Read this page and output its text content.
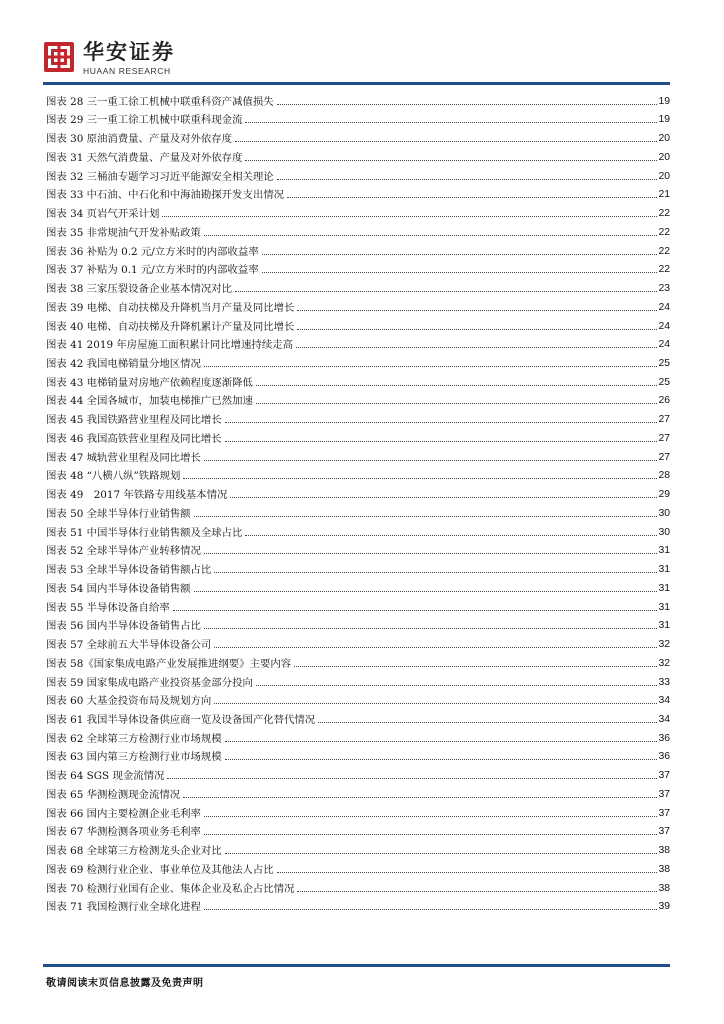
华安证券
HUAAN RESEARCH
图表 28 三一重工徐工机械中联重科资产减值损失	19
图表 29 三一重工徐工机械中联重科现金流	19
图表 30 原油消费量、产量及对外依存度	20
图表 31 天然气消费量、产量及对外依存度	20
图表 32 三桶油专题学习习近平能源安全相关理论	20
图表 33 中石油、中石化和中海油勘探开发支出情况	21
图表 34 页岩气开采计划	22
图表 35 非常规油气开发补贴政策	22
图表 36 补贴为 0.2 元/立方米时的内部收益率	22
图表 37 补贴为 0.1 元/立方米时的内部收益率	22
图表 38 三家压裂设备企业基本情况对比	23
图表 39 电梯、自动扶梯及升降机当月产量及同比增长	24
图表 40 电梯、自动扶梯及升降机累计产量及同比增长	24
图表 41 2019 年房屋施工面积累计同比增速持续走高	24
图表 42 我国电梯销量分地区情况	25
图表 43 电梯销量对房地产依赖程度逐渐降低	25
图表 44 全国各城市，加装电梯推广已然加速	26
图表 45 我国铁路营业里程及同比增长	27
图表 46 我国高铁营业里程及同比增长	27
图表 47 城轨营业里程及同比增长	27
图表 48 “八横八纵”铁路规划	28
图表 49　2017 年铁路专用线基本情况	29
图表 50 全球半导体行业销售额	30
图表 51 中国半导体行业销售额及全球占比	30
图表 52 全球半导体产业转移情况	31
图表 53 全球半导体设备销售额占比	31
图表 54 国内半导体设备销售额	31
图表 55 半导体设备自给率	31
图表 56 国内半导体设备销售占比	31
图表 57 全球前五大半导体设备公司	32
图表 58《国家集成电路产业发展推进纲要》主要内容	32
图表 59 国家集成电路产业投资基金部分投向	33
图表 60 大基金投资布局及规划方向	34
图表 61 我国半导体设备供应商一览及设备国产化替代情况	34
图表 62 全球第三方检测行业市场规模	36
图表 63 国内第三方检测行业市场规模	36
图表 64 SGS 现金流情况	37
图表 65 华测检测现金流情况	37
图表 66 国内主要检测企业毛利率	37
图表 67 华测检测各项业务毛利率	37
图表 68 全球第三方检测龙头企业对比	38
图表 69 检测行业企业、事业单位及其他法人占比	38
图表 70 检测行业国有企业、集体企业及私企占比情况	38
图表 71 我国检测行业全球化进程	39
敬请阅读末页信息披露及免责声明
